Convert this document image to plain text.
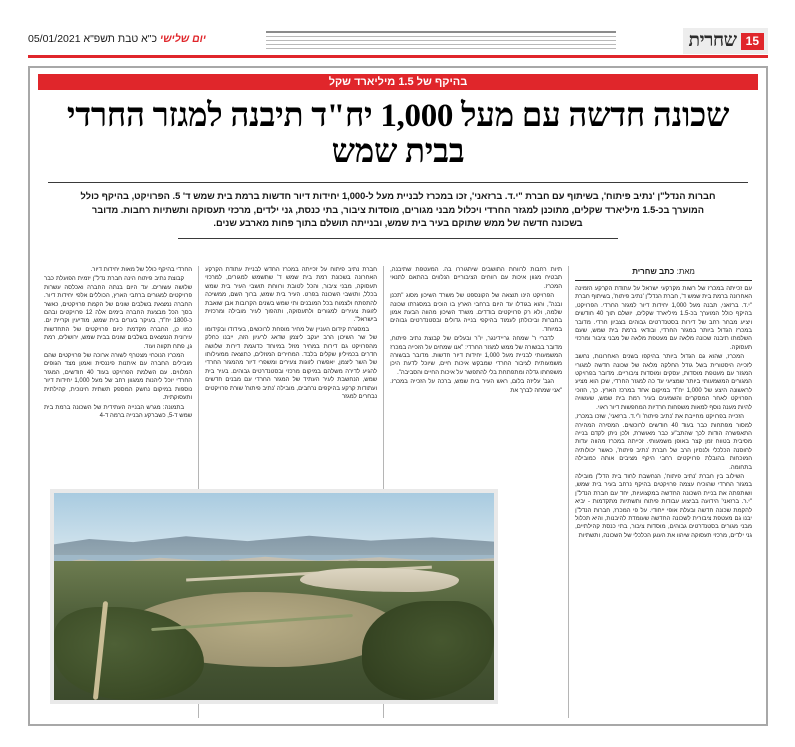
15
שחרית
יום שלישי כ"א טבת תשפ"א 05/01/2021
בהיקף של 1.5 מיליארד שקל
שכונה חדשה עם מעל 1,000 יח"ד תיבנה למגזר החרדי בבית שמש
חברות הנדל"ן 'נתיב פיתוח', בשיתוף עם חברת "י.ד. ברזאני', זכו במכרז לבניית מעל ל-1,000 יחידות דיור חדשות ברמת בית שמש ד' 5. הפרויקט, בהיקף כולל
המוערך בכ-1.5 מיליארד שקלים, מתוכנן למגזר החרדי ויכלול מבני מגורים, מוסדות ציבור, בתי כנסת, גני ילדים, מרכזי תעסוקה ותשתיות רחבות. מדובר
בשכונה חדשה של ממש שתוקם בעיר בית שמש, ובנייתה תושלם בתוך פחות מארבע שנים.
מאת: כתב שחרית

עם זכייתה במכרז של רשות מקרקעי ישראל על עתודת הקרקע הזמינה האחרונה ברמת בית שמש ד', חברת הנדל"ן 'נתיב פיתוח', בשיתוף חברת "י.ד. ברזאני, תבנה מעל 1,000 יחידות דיור למגזר החרדי. הפרויקט, בהיקף כולל המוערך בכ-1.5 מיליארד שקלים, יושלם תוך 40 חודשים ויציע מבחר רחב של דירות בסטנדרטים גבוהים בצביון חרדי. מדובר במכרז הגדול ביותר במגזר החרדי, ובודאי ברמת בית שמש, שעם השלמתו תיבנה שכונה מלאה עם מעטפת מלאה של מבני ציבור ומרכזי תעסוקה.

המכרז, שהוא גם הגדול ביותר בהיקפו בשנים האחרונות, נחשב לזכייה היסטורית בשל גודל החלקה מלאה של שכונה חדשה למגורי המגזר עם מעטפת מוסדות, עסקים ומוסדות ציבוריים. מדובר בפרויקט המגורים המשמעותי ביותר שמציעי עד כה למגזר החרדי, שכן הוא מציע לראשונה היצע של 1,000 יח"ד במיקום אחד במרכז הארץ. כך, הזוכי הפרויקט לאחר המסקרים והשמעים בעיר רמת בית שמש, שעשויה להיות מענה נוסף למאות משפחות חרדיות המחפשות דיור ראוי.

הזכייה בפרויקט מחייבת את 'נתיב פיתוח' ו"י.ד. ברזאני', שזכו במכרז, למסור מפתחות כבר בעוד 40 חודשים לרוכשים. המסירה המהירה התאפשרה הודות לכך שהתב"ע כבר מאושרת, ולכן ניתן לקדם בנייה מסיבית בטווח זמן קצר באופן משמעותי. זכייתה במכרז מהווה עדות לחוסנה הכלכלי ולנסיון הרב של חברת 'נתיב פיתוח', כאשר יכולותיה המוכחות בהובלת פרויקטים רחבי היקף מציבים אותה כמובילה בתחומה.

השילוב בין חברת 'נתיב פיתוח', הנחשבת לחוד בית הדל"ן מובילה במגזר החרדי שהוכיח עצמה פרויקטים בהיקף נרחב בעיר בית שמש, ושותפתה את בניית השכונה החדשה במקצועיות, יחד עם חברת הנדל"ן "י.ר. ברזאני' הידועה בביצוע עבודות פיתוח ותשתיות מתקדמות - יביא להקמת שכונה חדשה ובעלת אופי ייחודי. על פי המכרז, חברות הנדל"ן יבנו גם מעטפת ציבורית לשכונה החדשה שעומדת להיבנות, והיא תכלול מבני מגורים בסטנדרטים גבוהים, מוסדות ציבור, בתי כנסת קהילתיים, גני ילדים, מרכזי תעסוקה שיהוו את העוגן הכלכלי של השכונה, ותשתיות

תיות רחבות לרווחת התושבים שיתגוררו בה. המעטפת שתיבנה, תבטיח מגוון איכות עם רווחים הציבוריים הנלווים בהתאם לתנאי המכרז.

הפרויקט הינו תוצאה של הקונספט של משרד השיכון מסוג "תכנן ובנה", והוא בגודלו עד היום ברחבי הארץ בו הוכים במסגרתו שכונה שלמה, ולא רק פרויקטים בודדים. משרד השיכון מהווה הבעת אמון בחברות וביכולתן לעמוד בהיקפי בנייה גדולים ובסטנדרטים גבוהים במיוחד.

לדברי ר' שמחה גריידינגר, יו"ר ובעלים של קבוצת נתיב פיתוח, מדובר בבשורה של ממש למגזר החרדי: "אנו שמחים על הזכייה במכרז המשמעותי לבניית מעל 1,000 יחידות דיור חדשות. מדובר בבשורה משמעותית לציבור החרדי שמבקש איכות חיים, שיוכל לדעת היכן משפחתו גדלה ומתפתחת בלי להתפשר על איכות החיים והסביבה".

הגב' עליזה בלום, ראש העיר בית שמש, ברכה על הזכייה במכרז. "אני שמחה לברך את

חברת נתיב פיתוח על זכייתה במכרז החדש לבניית עתודת הקרקע האחרונה בשכונת רמת בית שמש ד' שתשמש למגורים, למרכזי תעסוקה, מבני ציבור, והכל לטובת ורווחת תושבי העיר בית שמש בכלל, ותושבי השכונה בפרט. העיר בית שמש, ברוך השם, ממשיכה להתפתח ולצמוח בכל המובנים ותי שמש בשנים הקרובות אבן שואבת לזוגות צעירים למגורים ולתעסוקה, ותהפוך לעיר מובילה ומרכזית בישראל".

במסגרת קידום העניין של מחיר מופחת לרוכשים, בעידודו ובקידומו של שר השיכון הרב יעקב ליצמן שדאג לרעיון הזה, ייבנו כחלק מהפרויקט גם דירות במחיר מוזל במיוחד כדוגמת דירות שלושה חדרים בכמיליון שקלים בלבד. המחירים המוזלים, כתוצאה ממעילותו של השר ליצמן, יאפשרו לזוגות צעירים ומשפרי דיור מהמגזר החרדי להגיע לדירה משלהם במיקום מרכזי ובסטנדרטים גבוהים. בעיר בית שמש, הנחשבת לעיר העתיד של המגזר החרדי עם מבנים חדשים ועתודות קרקע בהיקפים נרחבים, מובילה 'נתיב פיתוח' שורת פרויקטים נבחרים למגזר

החרדי בהיקף כולל של מאות יחידות דיור.

קבוצת נתיב פיתוח הינה חברת נדל"ן יזמית הפועלת כבר שלושה עשורים. עד היום בנתה החברה ואכלסה עשרות פרויקטים למגורים ברחבי הארץ, הכוללים אלפי יחידות דיור. החברה נמצאת בשלבים שונים של הקמת פרויקטים, כאשר בסך הכל מבצעת החברה בימים אלה 12 פרויקטים ובהם כ-1800 יח"ד, בעיקר בערים בית שמש, מודיעין וקריית ים. כמו כן, החברה מקדמת כיום פרויקטים של התחדשות עירונית הנמצאים בשלבים שונים בבית שמש, ירושלים, רמת גן, פתח תקווה ועוד.

המכרז הנוכחי מצטרף לשורה ארוכה של פרויקטים שהם מובילים החברה עם איתנות פיננסית ואמון מצד הגופים המלווים. עם השלמת הפרויקט בעוד 40 חודשים, המגזר החרדי יוכל ליהנות ממגוון רחב של מעל 1,000 יחידות דיור נוספות במיקום נחשק המספק תשתית חינוכית, קהילתית ותעסוקתית.

בתמונה: מגרש הבנייה העתידית של השכונה ברמת בית שמש ד-5, כשברקע הבנייה ברמה ד-4
